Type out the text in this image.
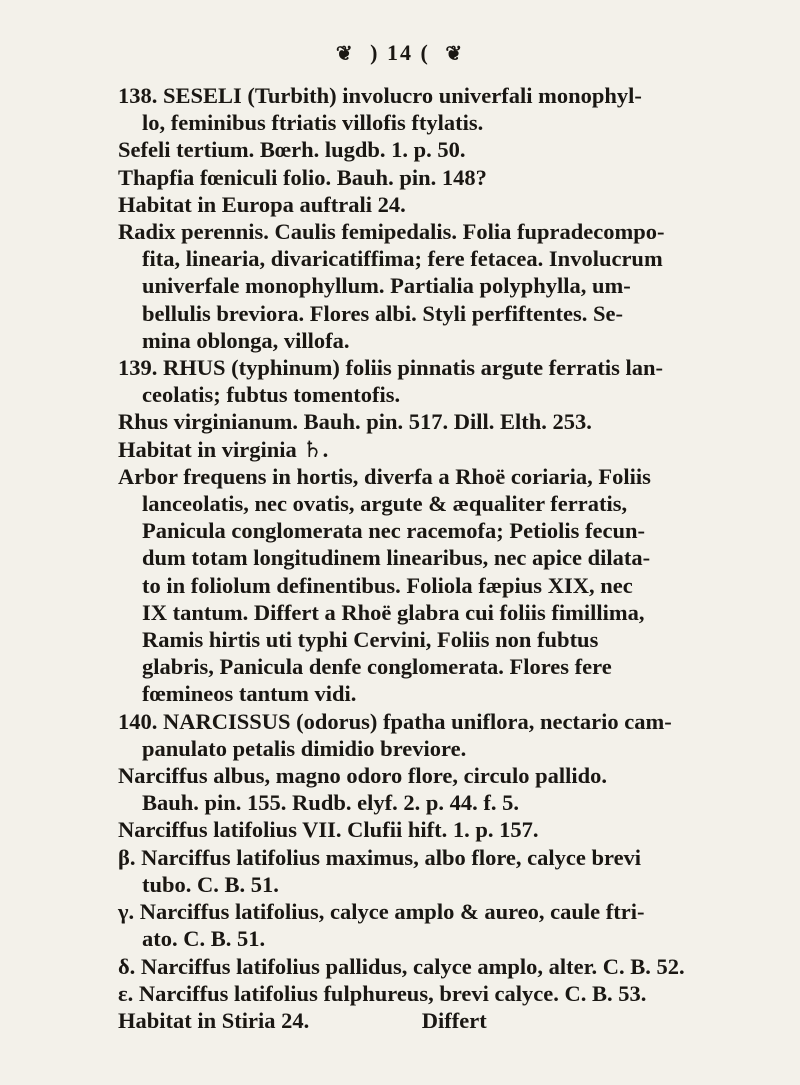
❦ ) 14 ( ❦

138. SESELI (Turbith) involucro univerfali monophyl-

lo, feminibus ftriatis villofis ftylatis.

Sefeli tertium. Bœrh. lugdb. 1. p. 50.

Thapfia fœniculi folio. Bauh. pin. 148?

Habitat in Europa auftrali 24.

Radix perennis. Caulis femipedalis. Folia fupradecompo-

fita, linearia, divaricatiffima; fere fetacea. Involucrum

univerfale monophyllum. Partialia polyphylla, um-

bellulis breviora. Flores albi. Styli perfiftentes. Se-

mina oblonga, villofa.

139. RHUS (typhinum) foliis pinnatis argute ferratis lan-

ceolatis; fubtus tomentofis.

Rhus virginianum. Bauh. pin. 517. Dill. Elth. 253.

Habitat in virginia ♄.

Arbor frequens in hortis, diverfa a Rhoë coriaria, Foliis

lanceolatis, nec ovatis, argute & æqualiter ferratis,

Panicula conglomerata nec racemofa; Petiolis fecun-

dum totam longitudinem linearibus, nec apice dilata-

to in foliolum definentibus. Foliola fæpius XIX, nec

IX tantum. Differt a Rhoë glabra cui foliis fimillima,

Ramis hirtis uti typhi Cervini, Foliis non fubtus

glabris, Panicula denfe conglomerata. Flores fere

fœmineos tantum vidi.

140. NARCISSUS (odorus) fpatha uniflora, nectario cam-

panulato petalis dimidio breviore.

Narciffus albus, magno odoro flore, circulo pallido.

Bauh. pin. 155. Rudb. elyf. 2. p. 44. f. 5.

Narciffus latifolius VII. Clufii hift. 1. p. 157.

β. Narciffus latifolius maximus, albo flore, calyce brevi

tubo. C. B. 51.

γ. Narciffus latifolius, calyce amplo & aureo, caule ftri-

ato. C. B. 51.

δ. Narciffus latifolius pallidus, calyce amplo, alter. C. B. 52.

ε. Narciffus latifolius fulphureus, brevi calyce. C. B. 53.

Habitat in Stiria 24.                    Differt
